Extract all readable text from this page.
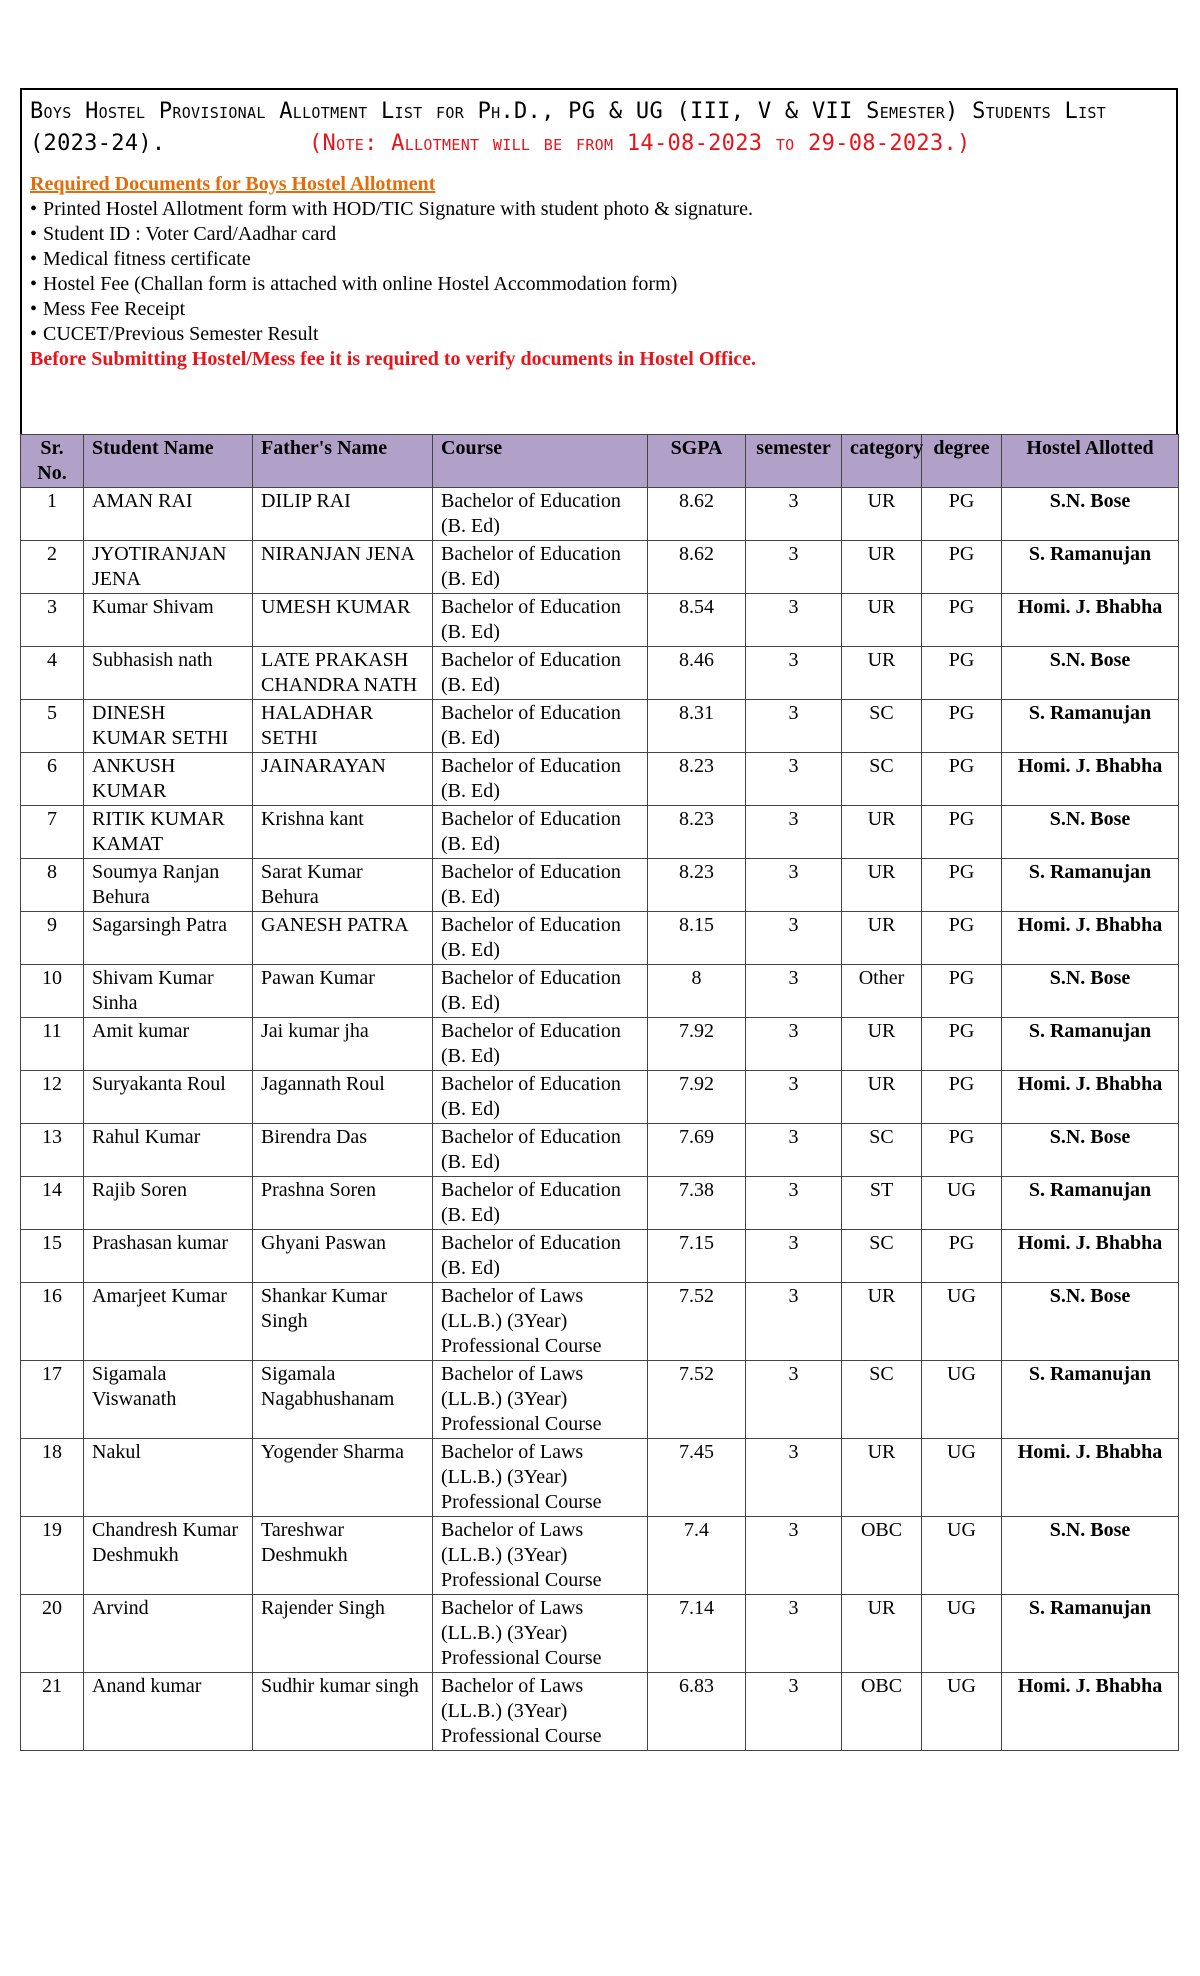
Boys Hostel Provisional Allotment List for Ph.D., PG & UG (III, V & VII Semester) Students List (2023-24).	(Note: Allotment will be from 14-08-2023 to 29-08-2023.)
Required Documents for Boys Hostel Allotment
• Printed Hostel Allotment form with HOD/TIC Signature with student photo & signature.
• Student ID : Voter Card/Aadhar card
• Medical fitness certificate
• Hostel Fee (Challan form is attached with online Hostel Accommodation form)
• Mess Fee Receipt
• CUCET/Previous Semester Result
Before Submitting Hostel/Mess fee it is required to verify documents in Hostel Office.
Sr. No.	Student Name	Father's Name	Course	SGPA	semester	category	degree	Hostel Allotted
1	AMAN RAI	DILIP RAI	Bachelor of Education (B. Ed)	8.62	3	UR	PG	S.N. Bose
2	JYOTIRANJAN JENA	NIRANJAN JENA	Bachelor of Education (B. Ed)	8.62	3	UR	PG	S. Ramanujan
3	Kumar Shivam	UMESH KUMAR	Bachelor of Education (B. Ed)	8.54	3	UR	PG	Homi. J. Bhabha
4	Subhasish nath	LATE PRAKASH CHANDRA NATH	Bachelor of Education (B. Ed)	8.46	3	UR	PG	S.N. Bose
5	DINESH KUMAR SETHI	HALADHAR SETHI	Bachelor of Education (B. Ed)	8.31	3	SC	PG	S. Ramanujan
6	ANKUSH KUMAR	JAINARAYAN	Bachelor of Education (B. Ed)	8.23	3	SC	PG	Homi. J. Bhabha
7	RITIK KUMAR KAMAT	Krishna kant	Bachelor of Education (B. Ed)	8.23	3	UR	PG	S.N. Bose
8	Soumya Ranjan Behura	Sarat Kumar Behura	Bachelor of Education (B. Ed)	8.23	3	UR	PG	S. Ramanujan
9	Sagarsingh Patra	GANESH PATRA	Bachelor of Education (B. Ed)	8.15	3	UR	PG	Homi. J. Bhabha
10	Shivam Kumar Sinha	Pawan Kumar	Bachelor of Education (B. Ed)	8	3	Other	PG	S.N. Bose
11	Amit kumar	Jai kumar jha	Bachelor of Education (B. Ed)	7.92	3	UR	PG	S. Ramanujan
12	Suryakanta Roul	Jagannath Roul	Bachelor of Education (B. Ed)	7.92	3	UR	PG	Homi. J. Bhabha
13	Rahul Kumar	Birendra Das	Bachelor of Education (B. Ed)	7.69	3	SC	PG	S.N. Bose
14	Rajib Soren	Prashna Soren	Bachelor of Education (B. Ed)	7.38	3	ST	UG	S. Ramanujan
15	Prashasan kumar	Ghyani Paswan	Bachelor of Education (B. Ed)	7.15	3	SC	PG	Homi. J. Bhabha
16	Amarjeet Kumar	Shankar Kumar Singh	Bachelor of Laws (LL.B.) (3Year) Professional Course	7.52	3	UR	UG	S.N. Bose
17	Sigamala Viswanath	Sigamala Nagabhushanam	Bachelor of Laws (LL.B.) (3Year) Professional Course	7.52	3	SC	UG	S. Ramanujan
18	Nakul	Yogender Sharma	Bachelor of Laws (LL.B.) (3Year) Professional Course	7.45	3	UR	UG	Homi. J. Bhabha
19	Chandresh Kumar Deshmukh	Tareshwar Deshmukh	Bachelor of Laws (LL.B.) (3Year) Professional Course	7.4	3	OBC	UG	S.N. Bose
20	Arvind	Rajender Singh	Bachelor of Laws (LL.B.) (3Year) Professional Course	7.14	3	UR	UG	S. Ramanujan
21	Anand kumar	Sudhir kumar singh	Bachelor of Laws (LL.B.) (3Year) Professional Course	6.83	3	OBC	UG	Homi. J. Bhabha
